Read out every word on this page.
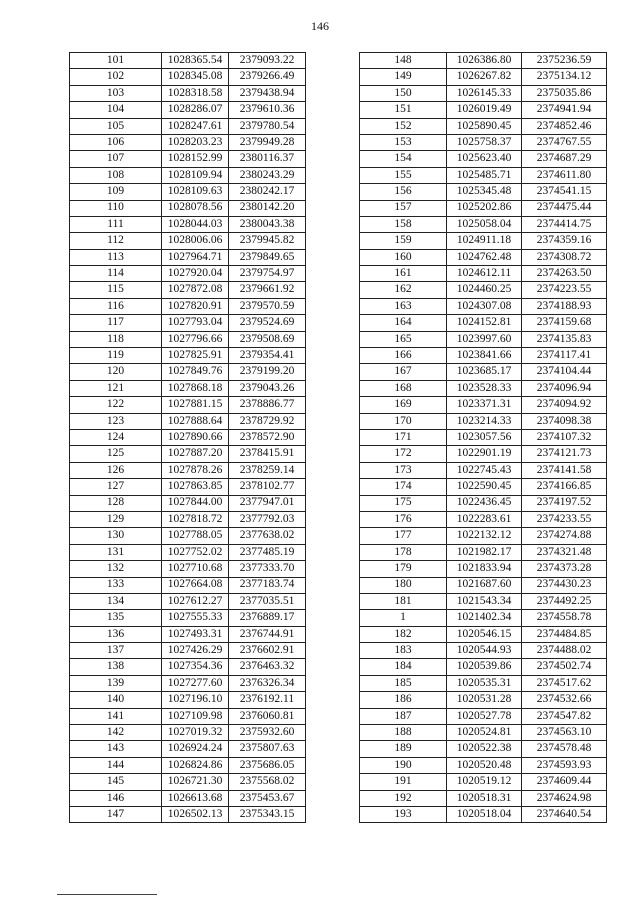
146
101	1028365.54	2379093.22
102	1028345.08	2379266.49
103	1028318.58	2379438.94
104	1028286.07	2379610.36
105	1028247.61	2379780.54
106	1028203.23	2379949.28
107	1028152.99	2380116.37
108	1028109.94	2380243.29
109	1028109.63	2380242.17
110	1028078.56	2380142.20
111	1028044.03	2380043.38
112	1028006.06	2379945.82
113	1027964.71	2379849.65
114	1027920.04	2379754.97
115	1027872.08	2379661.92
116	1027820.91	2379570.59
117	1027793.04	2379524.69
118	1027796.66	2379508.69
119	1027825.91	2379354.41
120	1027849.76	2379199.20
121	1027868.18	2379043.26
122	1027881.15	2378886.77
123	1027888.64	2378729.92
124	1027890.66	2378572.90
125	1027887.20	2378415.91
126	1027878.26	2378259.14
127	1027863.85	2378102.77
128	1027844.00	2377947.01
129	1027818.72	2377792.03
130	1027788.05	2377638.02
131	1027752.02	2377485.19
132	1027710.68	2377333.70
133	1027664.08	2377183.74
134	1027612.27	2377035.51
135	1027555.33	2376889.17
136	1027493.31	2376744.91
137	1027426.29	2376602.91
138	1027354.36	2376463.32
139	1027277.60	2376326.34
140	1027196.10	2376192.11
141	1027109.98	2376060.81
142	1027019.32	2375932.60
143	1026924.24	2375807.63
144	1026824.86	2375686.05
145	1026721.30	2375568.02
146	1026613.68	2375453.67
147	1026502.13	2375343.15
148	1026386.80	2375236.59
149	1026267.82	2375134.12
150	1026145.33	2375035.86
151	1026019.49	2374941.94
152	1025890.45	2374852.46
153	1025758.37	2374767.55
154	1025623.40	2374687.29
155	1025485.71	2374611.80
156	1025345.48	2374541.15
157	1025202.86	2374475.44
158	1025058.04	2374414.75
159	1024911.18	2374359.16
160	1024762.48	2374308.72
161	1024612.11	2374263.50
162	1024460.25	2374223.55
163	1024307.08	2374188.93
164	1024152.81	2374159.68
165	1023997.60	2374135.83
166	1023841.66	2374117.41
167	1023685.17	2374104.44
168	1023528.33	2374096.94
169	1023371.31	2374094.92
170	1023214.33	2374098.38
171	1023057.56	2374107.32
172	1022901.19	2374121.73
173	1022745.43	2374141.58
174	1022590.45	2374166.85
175	1022436.45	2374197.52
176	1022283.61	2374233.55
177	1022132.12	2374274.88
178	1021982.17	2374321.48
179	1021833.94	2374373.28
180	1021687.60	2374430.23
181	1021543.34	2374492.25
1	1021402.34	2374558.78
182	1020546.15	2374484.85
183	1020544.93	2374488.02
184	1020539.86	2374502.74
185	1020535.31	2374517.62
186	1020531.28	2374532.66
187	1020527.78	2374547.82
188	1020524.81	2374563.10
189	1020522.38	2374578.48
190	1020520.48	2374593.93
191	1020519.12	2374609.44
192	1020518.31	2374624.98
193	1020518.04	2374640.54
